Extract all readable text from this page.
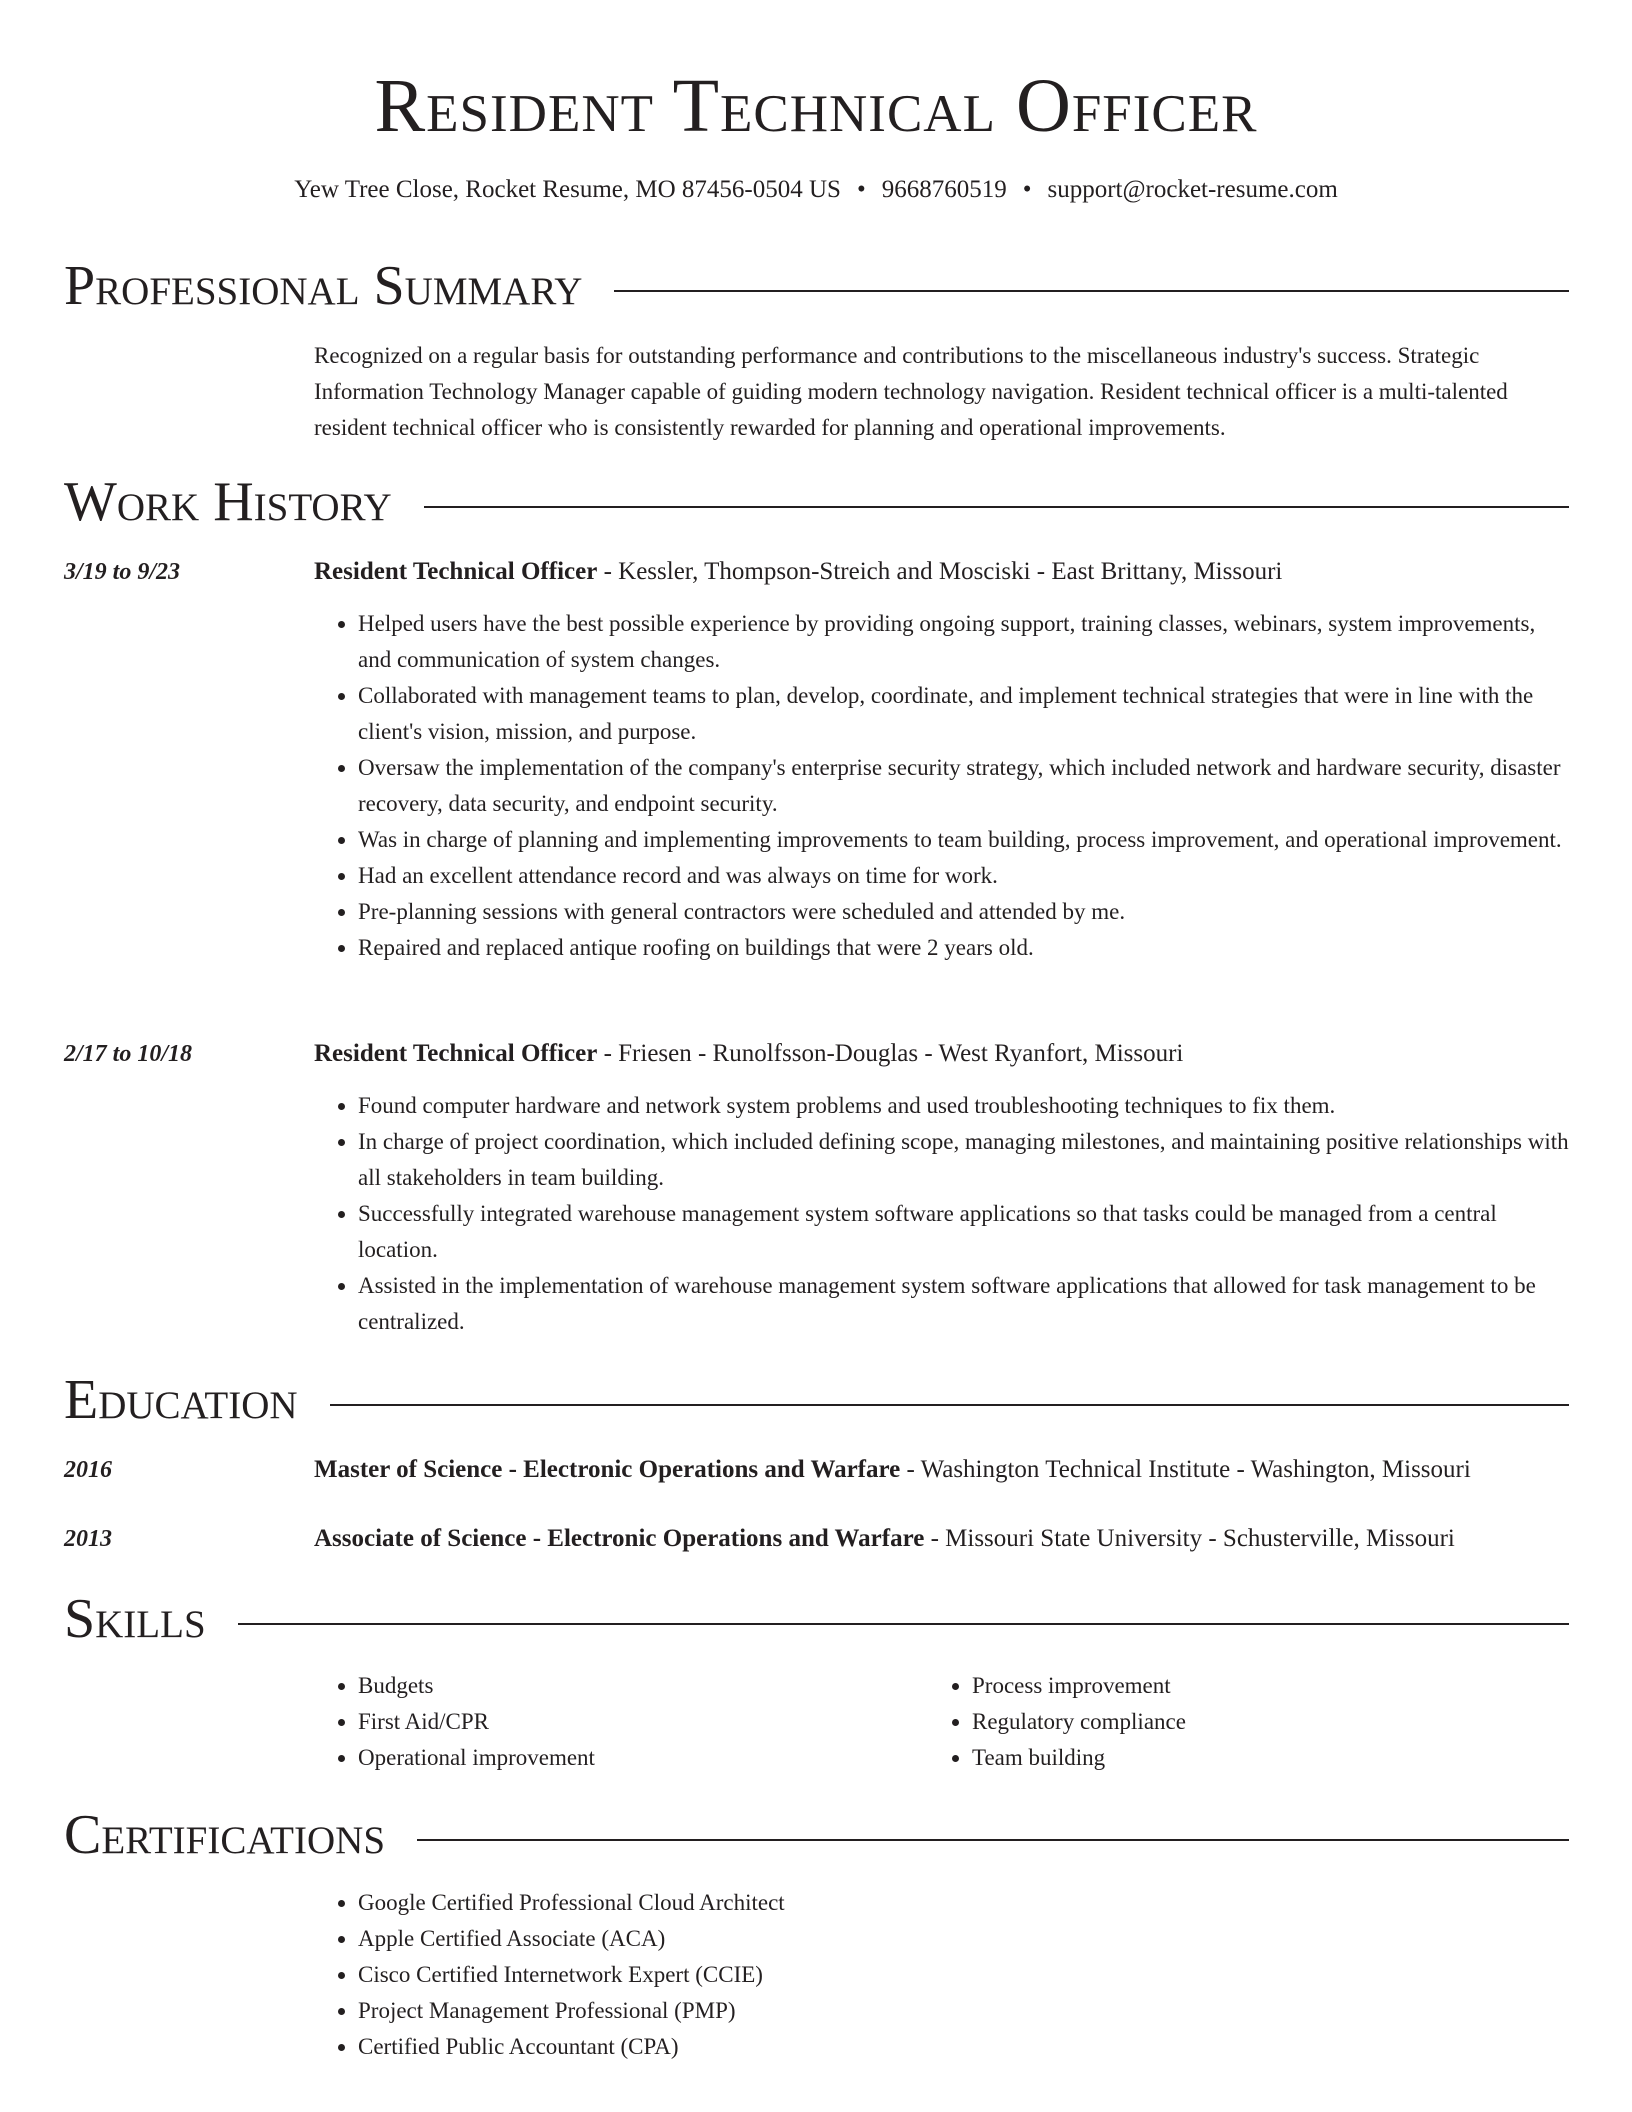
Resident Technical Officer
Yew Tree Close, Rocket Resume, MO 87456-0504 US • 9668760519 • support@rocket-resume.com
Professional Summary
Recognized on a regular basis for outstanding performance and contributions to the miscellaneous industry's success. Strategic Information Technology Manager capable of guiding modern technology navigation. Resident technical officer is a multi-talented resident technical officer who is consistently rewarded for planning and operational improvements.
Work History
3/19 to 9/23	Resident Technical Officer - Kessler, Thompson-Streich and Mosciski - East Brittany, Missouri
• Helped users have the best possible experience by providing ongoing support, training classes, webinars, system improvements, and communication of system changes.
• Collaborated with management teams to plan, develop, coordinate, and implement technical strategies that were in line with the client's vision, mission, and purpose.
• Oversaw the implementation of the company's enterprise security strategy, which included network and hardware security, disaster recovery, data security, and endpoint security.
• Was in charge of planning and implementing improvements to team building, process improvement, and operational improvement.
• Had an excellent attendance record and was always on time for work.
• Pre-planning sessions with general contractors were scheduled and attended by me.
• Repaired and replaced antique roofing on buildings that were 2 years old.
2/17 to 10/18	Resident Technical Officer - Friesen - Runolfsson-Douglas - West Ryanfort, Missouri
• Found computer hardware and network system problems and used troubleshooting techniques to fix them.
• In charge of project coordination, which included defining scope, managing milestones, and maintaining positive relationships with all stakeholders in team building.
• Successfully integrated warehouse management system software applications so that tasks could be managed from a central location.
• Assisted in the implementation of warehouse management system software applications that allowed for task management to be centralized.
Education
2016	Master of Science - Electronic Operations and Warfare - Washington Technical Institute - Washington, Missouri
2013	Associate of Science - Electronic Operations and Warfare - Missouri State University - Schusterville, Missouri
Skills
• Budgets
• First Aid/CPR
• Operational improvement
• Process improvement
• Regulatory compliance
• Team building
Certifications
• Google Certified Professional Cloud Architect
• Apple Certified Associate (ACA)
• Cisco Certified Internetwork Expert (CCIE)
• Project Management Professional (PMP)
• Certified Public Accountant (CPA)
